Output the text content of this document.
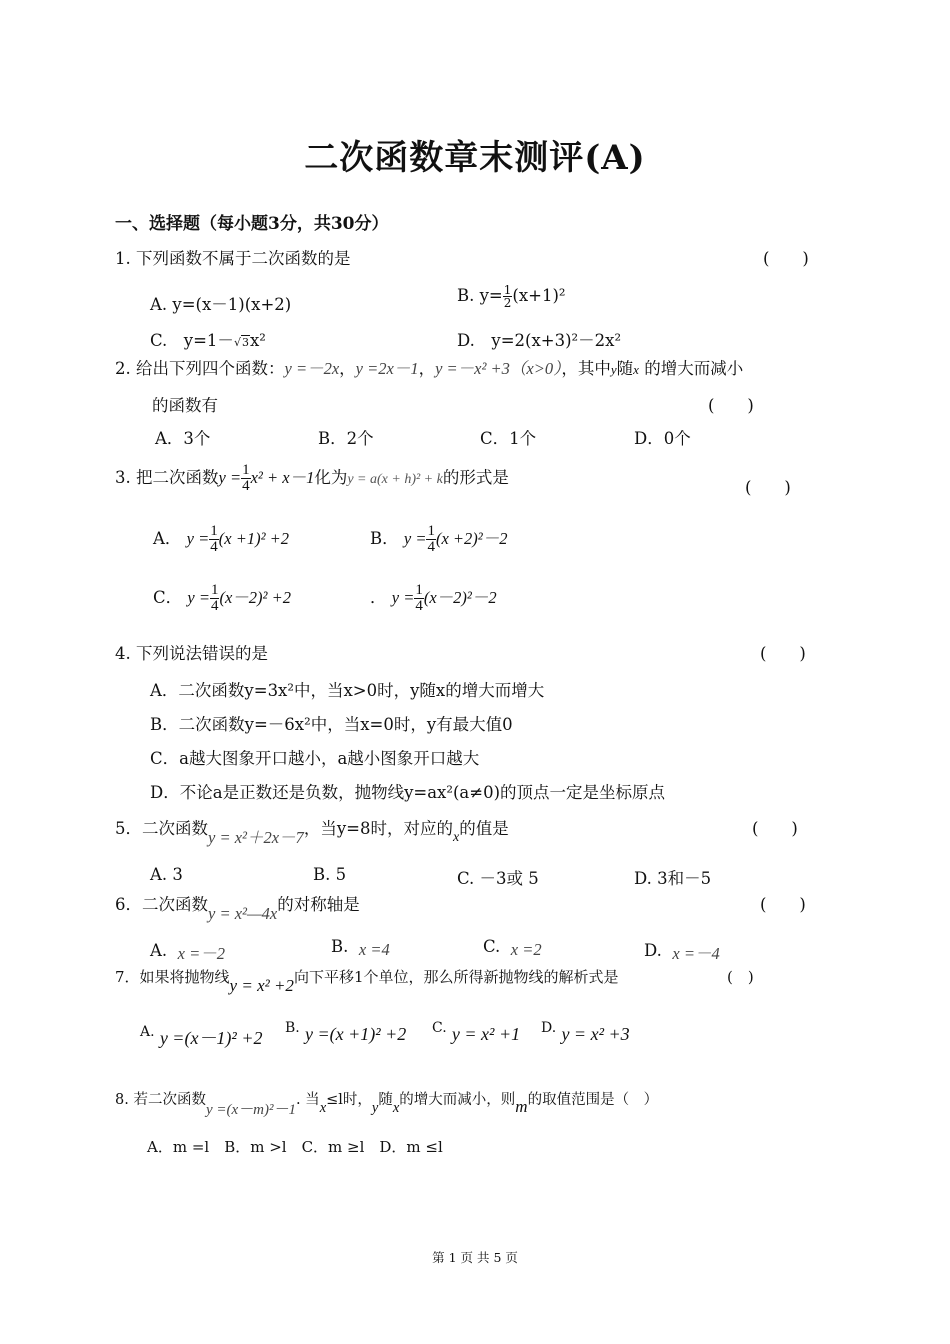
二次函数章末测评(A)
一、选择题（每小题3分，共30分）
1. 下列函数不属于二次函数的是	(　　)
A. y=(x－1)(x+2)	B. $y= \frac{1}{2} (x+1)^2$
C.　y=1－√3x²	D.　y=2(x+3)²－2x²
2. 给出下列四个函数：y =－2x，y =2x－1，y =－x² +3（x>0），其中y随x 的增大而减小
的函数有	(　　)
A．3个	B．2个	C．1个	D．0个
3. 把二次函数$y = \frac{1}{4} x^2 + x-1$化为y = a(x + h)² + k的形式是
(　　)
A． $y = \frac{1}{4} (x +1)^2 +2$	B． $y = \frac{1}{4} (x +2)^2-2$
C． $y = \frac{1}{4} (x-2)^2 +2$	． $y = \frac{1}{4} (x-2)^2-2$
4. 下列说法错误的是	(　　)
A．二次函数y=3x²中，当x>0时，y随x的增大而增大
B．二次函数y=－6x²中，当x=0时，y有最大值0
C．a越大图象开口越小，a越小图象开口越大
D．不论a是正数还是负数，抛物线y=ax²(a≠0)的顶点一定是坐标原点
5．二次函数y = x²＋2x－7，当y=8时，对应的$_x$的值是	(　　)
A. 3	B. 5	C. －3或 5	D. 3和－5
6．二次函数y = x²—4x的对称轴是	(　　)
A. x =－2	B. x =4	C. x =2	D. x =－4
7．如果将抛物线y = x² +2向下平移1个单位，那么所得新抛物线的解析式是	(　)
$^{A.}$ y =(x－1)² +2 $^{B.}$ y =(x +1)² +2 $^{C.}$ y = x² +1 $^{D.}$ y = x² +3
8. 若二次函数y =(x－m)²－1. 当x≤l时，y随x的增大而减小，则m的取值范围是（　）
A．m =l　B．m >l　C．m ≥l　D．m ≤l
第 1 页 共 5 页
